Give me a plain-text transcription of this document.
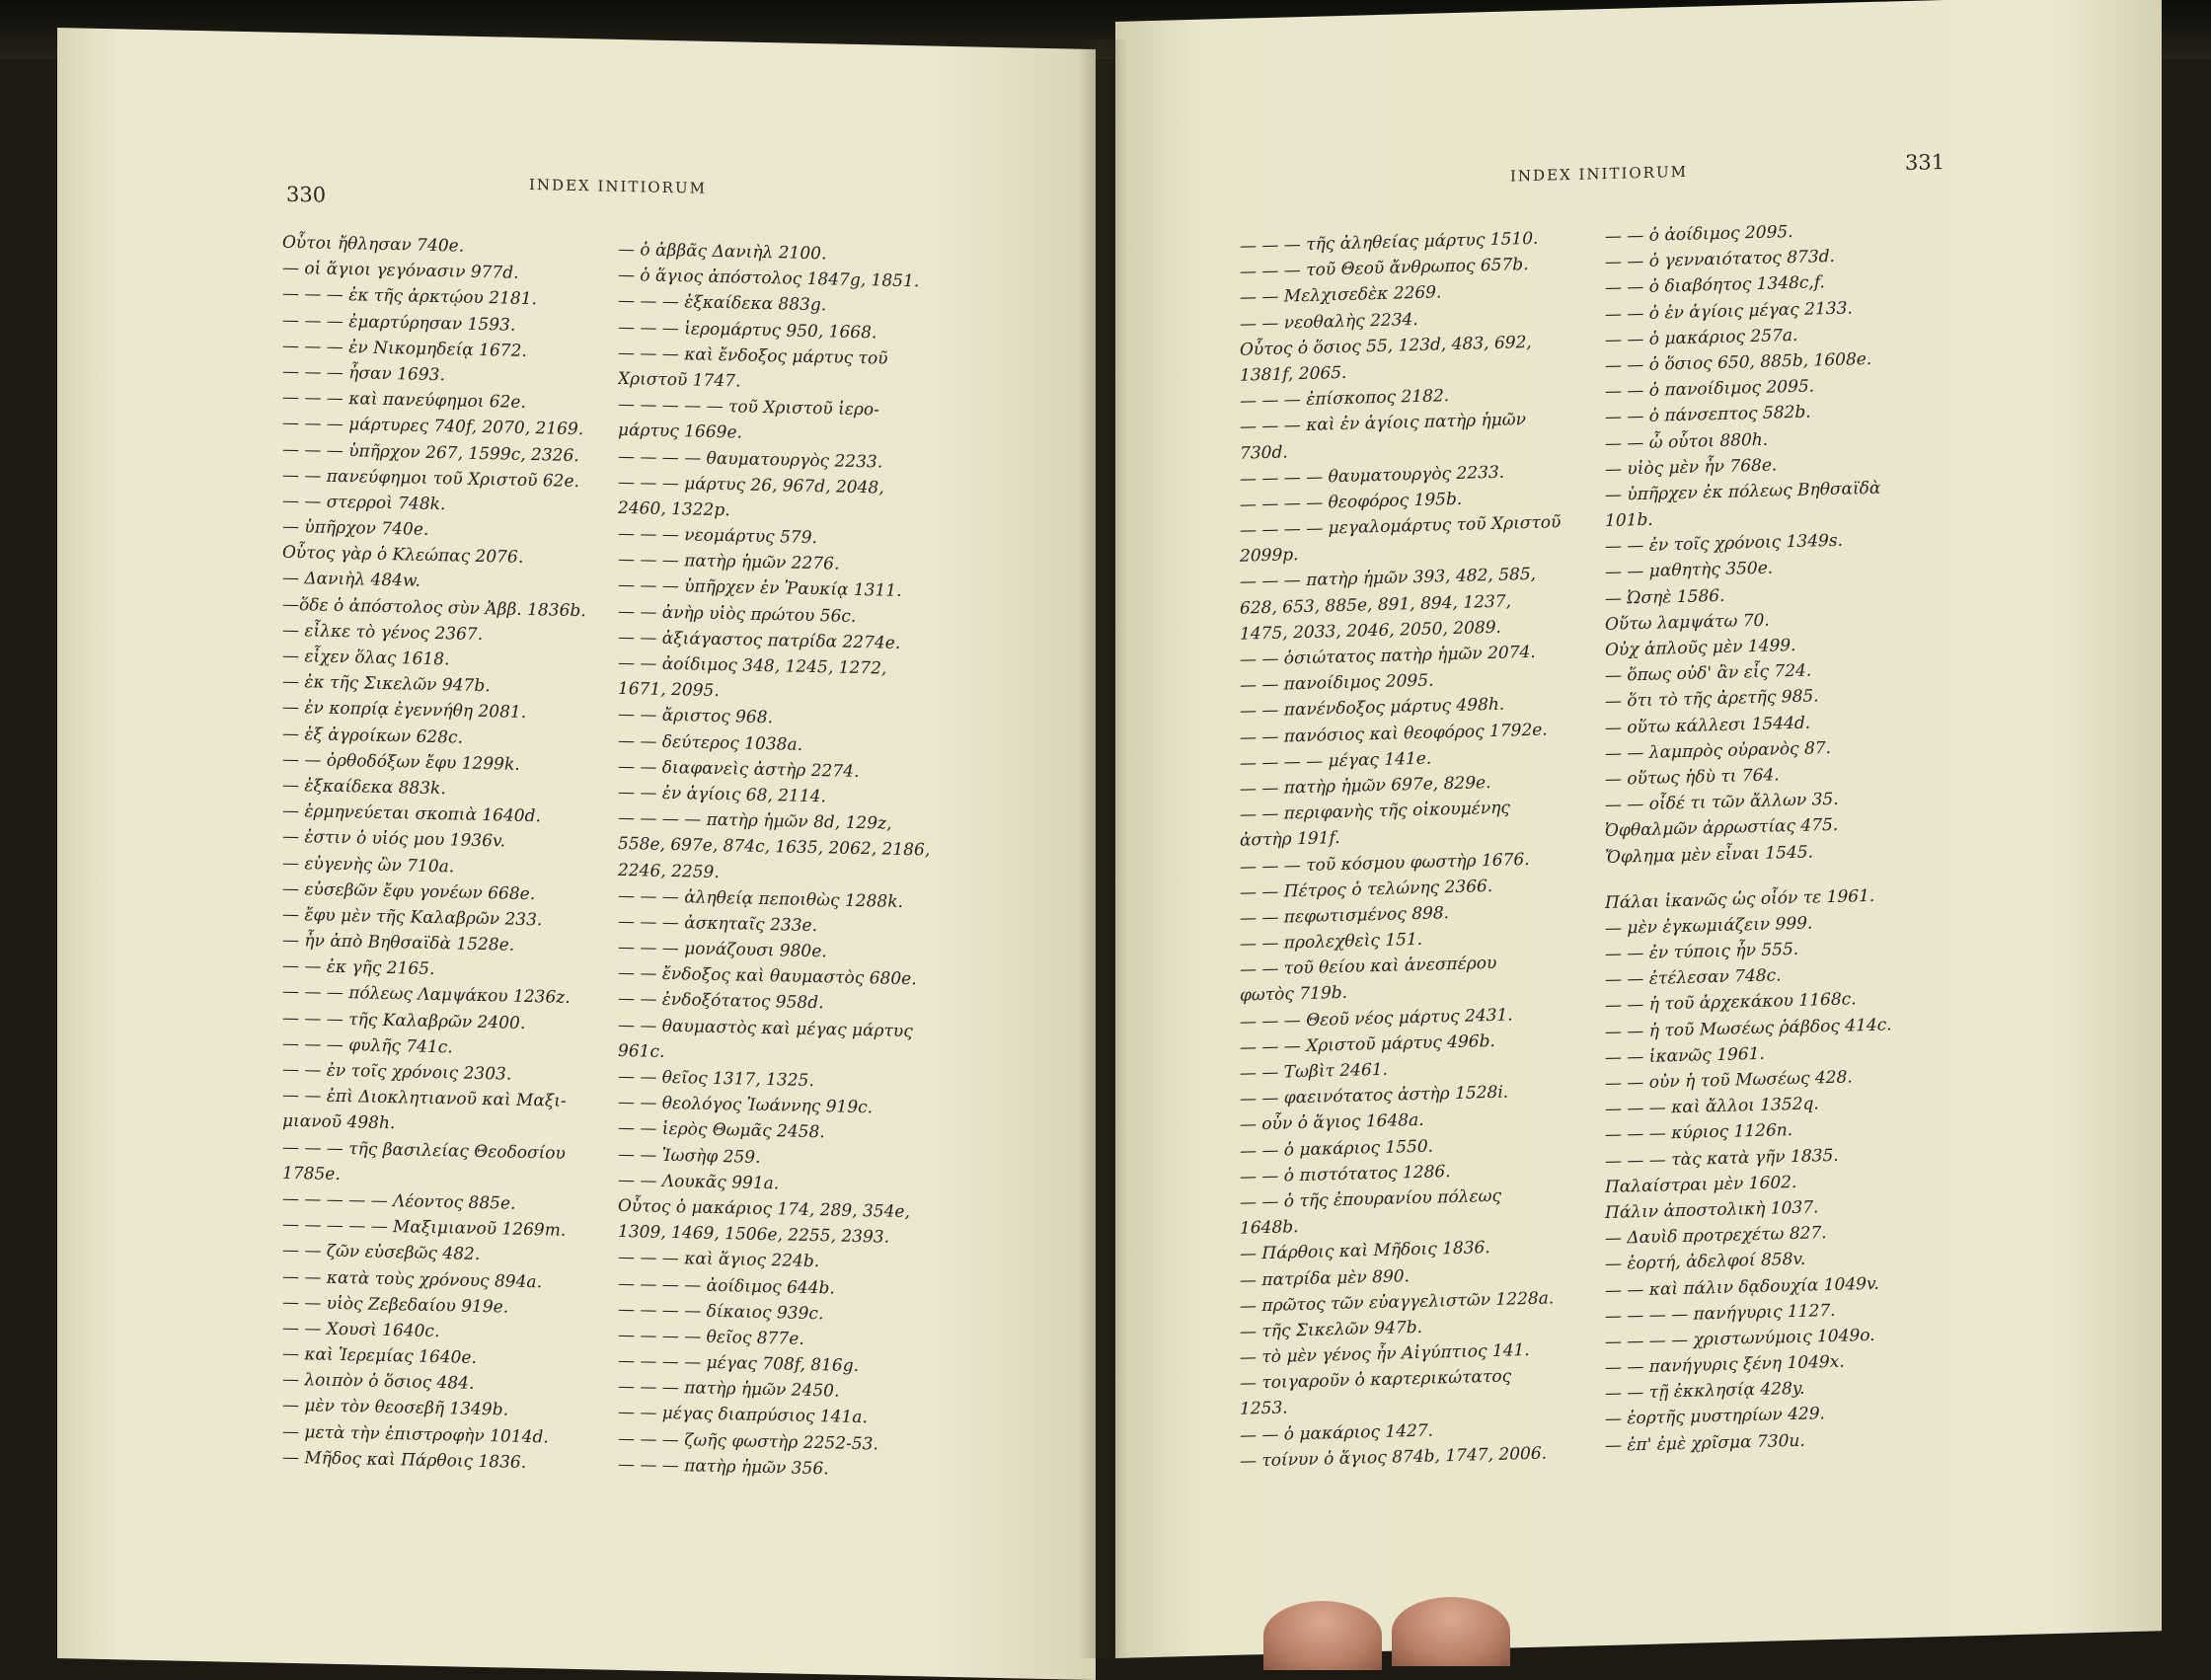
330	INDEX INITIORUM
Οὗτοι ἤθλησαν 740e.
— οἱ ἅγιοι γεγόνασιν 977d.
— — — ἐκ τῆς ἀρκτῴου 2181.
— — — ἐμαρτύρησαν 1593.
— — — ἐν Νικομηδείᾳ 1672.
— — — ἦσαν 1693.
— — — καὶ πανεύφημοι 62e.
— — — μάρτυρες 740f, 2070, 2169.
— — — ὑπῆρχον 267, 1599c, 2326.
— — πανεύφημοι τοῦ Χριστοῦ 62e.
— — στερροὶ 748k.
— ὑπῆρχον 740e.
Οὗτος γὰρ ὁ Κλεώπας 2076.
— Δανιὴλ 484w.
—ὅδε ὁ ἀπόστολος σὺν Ἀββ. 1836b.
— εἶλκε τὸ γένος 2367.
— εἶχεν ὅλας 1618.
— ἐκ τῆς Σικελῶν 947b.
— ἐν κοπρίᾳ ἐγεννήθη 2081.
— ἐξ ἀγροίκων 628c.
— — ὀρθοδόξων ἔφυ 1299k.
— ἑξκαίδεκα 883k.
— ἑρμηνεύεται σκοπιὰ 1640d.
— ἐστιν ὁ υἱός μου 1936v.
— εὐγενὴς ὢν 710a.
— εὐσεβῶν ἔφυ γονέων 668e.
— ἔφυ μὲν τῆς Καλαβρῶν 233.
— ἦν ἀπὸ Βηθσαϊδὰ 1528e.
— — ἐκ γῆς 2165.
— — — πόλεως Λαμψάκου 1236z.
— — — τῆς Καλαβρῶν 2400.
— — — φυλῆς 741c.
— — ἐν τοῖς χρόνοις 2303.
— — ἐπὶ Διοκλητιανοῦ καὶ Μαξι-
μιανοῦ 498h.
— — — τῆς βασιλείας Θεοδοσίου
1785e.
— — — — — Λέοντος 885e.
— — — — — Μαξιμιανοῦ 1269m.
— — ζῶν εὐσεβῶς 482.
— — κατὰ τοὺς χρόνους 894a.
— — υἱὸς Ζεβεδαίου 919e.
— — Χουσὶ 1640c.
— καὶ Ἱερεμίας 1640e.
— λοιπὸν ὁ ὅσιος 484.
— μὲν τὸν θεοσεβῆ 1349b.
— μετὰ τὴν ἐπιστροφὴν 1014d.
— Μῆδος καὶ Πάρθοις 1836.
— ὁ ἀββᾶς Δανιὴλ 2100.
— ὁ ἅγιος ἀπόστολος 1847g, 1851.
— — — ἑξκαίδεκα 883g.
— — — ἱερομάρτυς 950, 1668.
— — — καὶ ἔνδοξος μάρτυς τοῦ
Χριστοῦ 1747.
— — — — — τοῦ Χριστοῦ ἱερο-
μάρτυς 1669e.
— — — — θαυματουργὸς 2233.
— — — μάρτυς 26, 967d, 2048,
2460, 1322p.
— — — νεομάρτυς 579.
— — — πατὴρ ἡμῶν 2276.
— — — ὑπῆρχεν ἐν Ῥαυκίᾳ 1311.
— — ἀνὴρ υἱὸς πρώτου 56c.
— — ἀξιάγαστος πατρίδα 2274e.
— — ἀοίδιμος 348, 1245, 1272,
1671, 2095.
— — ἄριστος 968.
— — δεύτερος 1038a.
— — διαφανεὶς ἀστὴρ 2274.
— — ἐν ἁγίοις 68, 2114.
— — — — πατὴρ ἡμῶν 8d, 129z,
558e, 697e, 874c, 1635, 2062, 2186,
2246, 2259.
— — — ἀληθείᾳ πεποιθὼς 1288k.
— — — ἀσκηταῖς 233e.
— — — μονάζουσι 980e.
— — ἔνδοξος καὶ θαυμαστὸς 680e.
— — ἐνδοξότατος 958d.
— — θαυμαστὸς καὶ μέγας μάρτυς
961c.
— — θεῖος 1317, 1325.
— — θεολόγος Ἰωάννης 919c.
— — ἱερὸς Θωμᾶς 2458.
— — Ἰωσὴφ 259.
— — Λουκᾶς 991a.
Οὗτος ὁ μακάριος 174, 289, 354e,
1309, 1469, 1506e, 2255, 2393.
— — — καὶ ἅγιος 224b.
— — — — ἀοίδιμος 644b.
— — — — δίκαιος 939c.
— — — — θεῖος 877e.
— — — — μέγας 708f, 816g.
— — — πατὴρ ἡμῶν 2450.
— — μέγας διαπρύσιος 141a.
— — — ζωῆς φωστὴρ 2252-53.
— — — πατὴρ ἡμῶν 356.
INDEX INITIORUM	331
— — — τῆς ἀληθείας μάρτυς 1510.
— — — τοῦ Θεοῦ ἄνθρωπος 657b.
— — Μελχισεδὲκ 2269.
— — νεοθαλὴς 2234.
Οὗτος ὁ ὅσιος 55, 123d, 483, 692,
1381f, 2065.
— — — ἐπίσκοπος 2182.
— — — καὶ ἐν ἁγίοις πατὴρ ἡμῶν
730d.
— — — — θαυματουργὸς 2233.
— — — — θεοφόρος 195b.
— — — — μεγαλομάρτυς τοῦ Χριστοῦ
2099p.
— — — πατὴρ ἡμῶν 393, 482, 585,
628, 653, 885e, 891, 894, 1237,
1475, 2033, 2046, 2050, 2089.
— — ὁσιώτατος πατὴρ ἡμῶν 2074.
— — πανοίδιμος 2095.
— — πανένδοξος μάρτυς 498h.
— — πανόσιος καὶ θεοφόρος 1792e.
— — — — μέγας 141e.
— — πατὴρ ἡμῶν 697e, 829e.
— — περιφανὴς τῆς οἰκουμένης
ἀστὴρ 191f.
— — — τοῦ κόσμου φωστὴρ 1676.
— — Πέτρος ὁ τελώνης 2366.
— — πεφωτισμένος 898.
— — προλεχθεὶς 151.
— — τοῦ θείου καὶ ἀνεσπέρου
φωτὸς 719b.
— — — Θεοῦ νέος μάρτυς 2431.
— — — Χριστοῦ μάρτυς 496b.
— — Τωβὶτ 2461.
— — φαεινότατος ἀστὴρ 1528i.
— οὖν ὁ ἅγιος 1648a.
— — ὁ μακάριος 1550.
— — ὁ πιστότατος 1286.
— — ὁ τῆς ἐπουρανίου πόλεως
1648b.
— Πάρθοις καὶ Μῆδοις 1836.
— πατρίδα μὲν 890.
— πρῶτος τῶν εὐαγγελιστῶν 1228a.
— τῆς Σικελῶν 947b.
— τὸ μὲν γένος ἦν Αἰγύπτιος 141.
— τοιγαροῦν ὁ καρτερικώτατος
1253.
— — ὁ μακάριος 1427.
— τοίνυν ὁ ἅγιος 874b, 1747, 2006.
— — ὁ ἀοίδιμος 2095.
— — ὁ γενναιότατος 873d.
— — ὁ διαβόητος 1348c,f.
— — ὁ ἐν ἁγίοις μέγας 2133.
— — ὁ μακάριος 257a.
— — ὁ ὅσιος 650, 885b, 1608e.
— — ὁ πανοίδιμος 2095.
— — ὁ πάνσεπτος 582b.
— — ὦ οὗτοι 880h.
— υἱὸς μὲν ἦν 768e.
— ὑπῆρχεν ἐκ πόλεως Βηθσαϊδὰ
101b.
— — ἐν τοῖς χρόνοις 1349s.
— — μαθητὴς 350e.
— Ὠσηὲ 1586.
Οὕτω λαμψάτω 70.
Οὐχ ἁπλοῦς μὲν 1499.
— ὅπως οὐδ' ἂν εἷς 724.
— ὅτι τὸ τῆς ἀρετῆς 985.
— οὕτω κάλλεσι 1544d.
— — λαμπρὸς οὐρανὸς 87.
— οὕτως ἡδὺ τι 764.
— — οἶδέ τι τῶν ἄλλων 35.
Ὀφθαλμῶν ἀρρωστίας 475.
Ὄφλημα μὲν εἶναι 1545.
Πάλαι ἱκανῶς ὡς οἷόν τε 1961.
— μὲν ἐγκωμιάζειν 999.
— — ἐν τύποις ἦν 555.
— — ἐτέλεσαν 748c.
— — ἡ τοῦ ἀρχεκάκου 1168c.
— — ἡ τοῦ Μωσέως ῥάβδος 414c.
— — ἱκανῶς 1961.
— — οὐν ἡ τοῦ Μωσέως 428.
— — — καὶ ἄλλοι 1352q.
— — — κύριος 1126n.
— — — τὰς κατὰ γῆν 1835.
Παλαίστραι μὲν 1602.
Πάλιν ἀποστολικὴ 1037.
— Δαυὶδ προτρεχέτω 827.
— ἑορτή, ἀδελφοί 858v.
— — καὶ πάλιν δᾳδουχία 1049v.
— — — — πανήγυρις 1127.
— — — — χριστωνύμοις 1049o.
— — πανήγυρις ξένη 1049x.
— — τῇ ἐκκλησίᾳ 428y.
— ἑορτῆς μυστηρίων 429.
— ἐπ' ἐμὲ χρῖσμα 730u.
